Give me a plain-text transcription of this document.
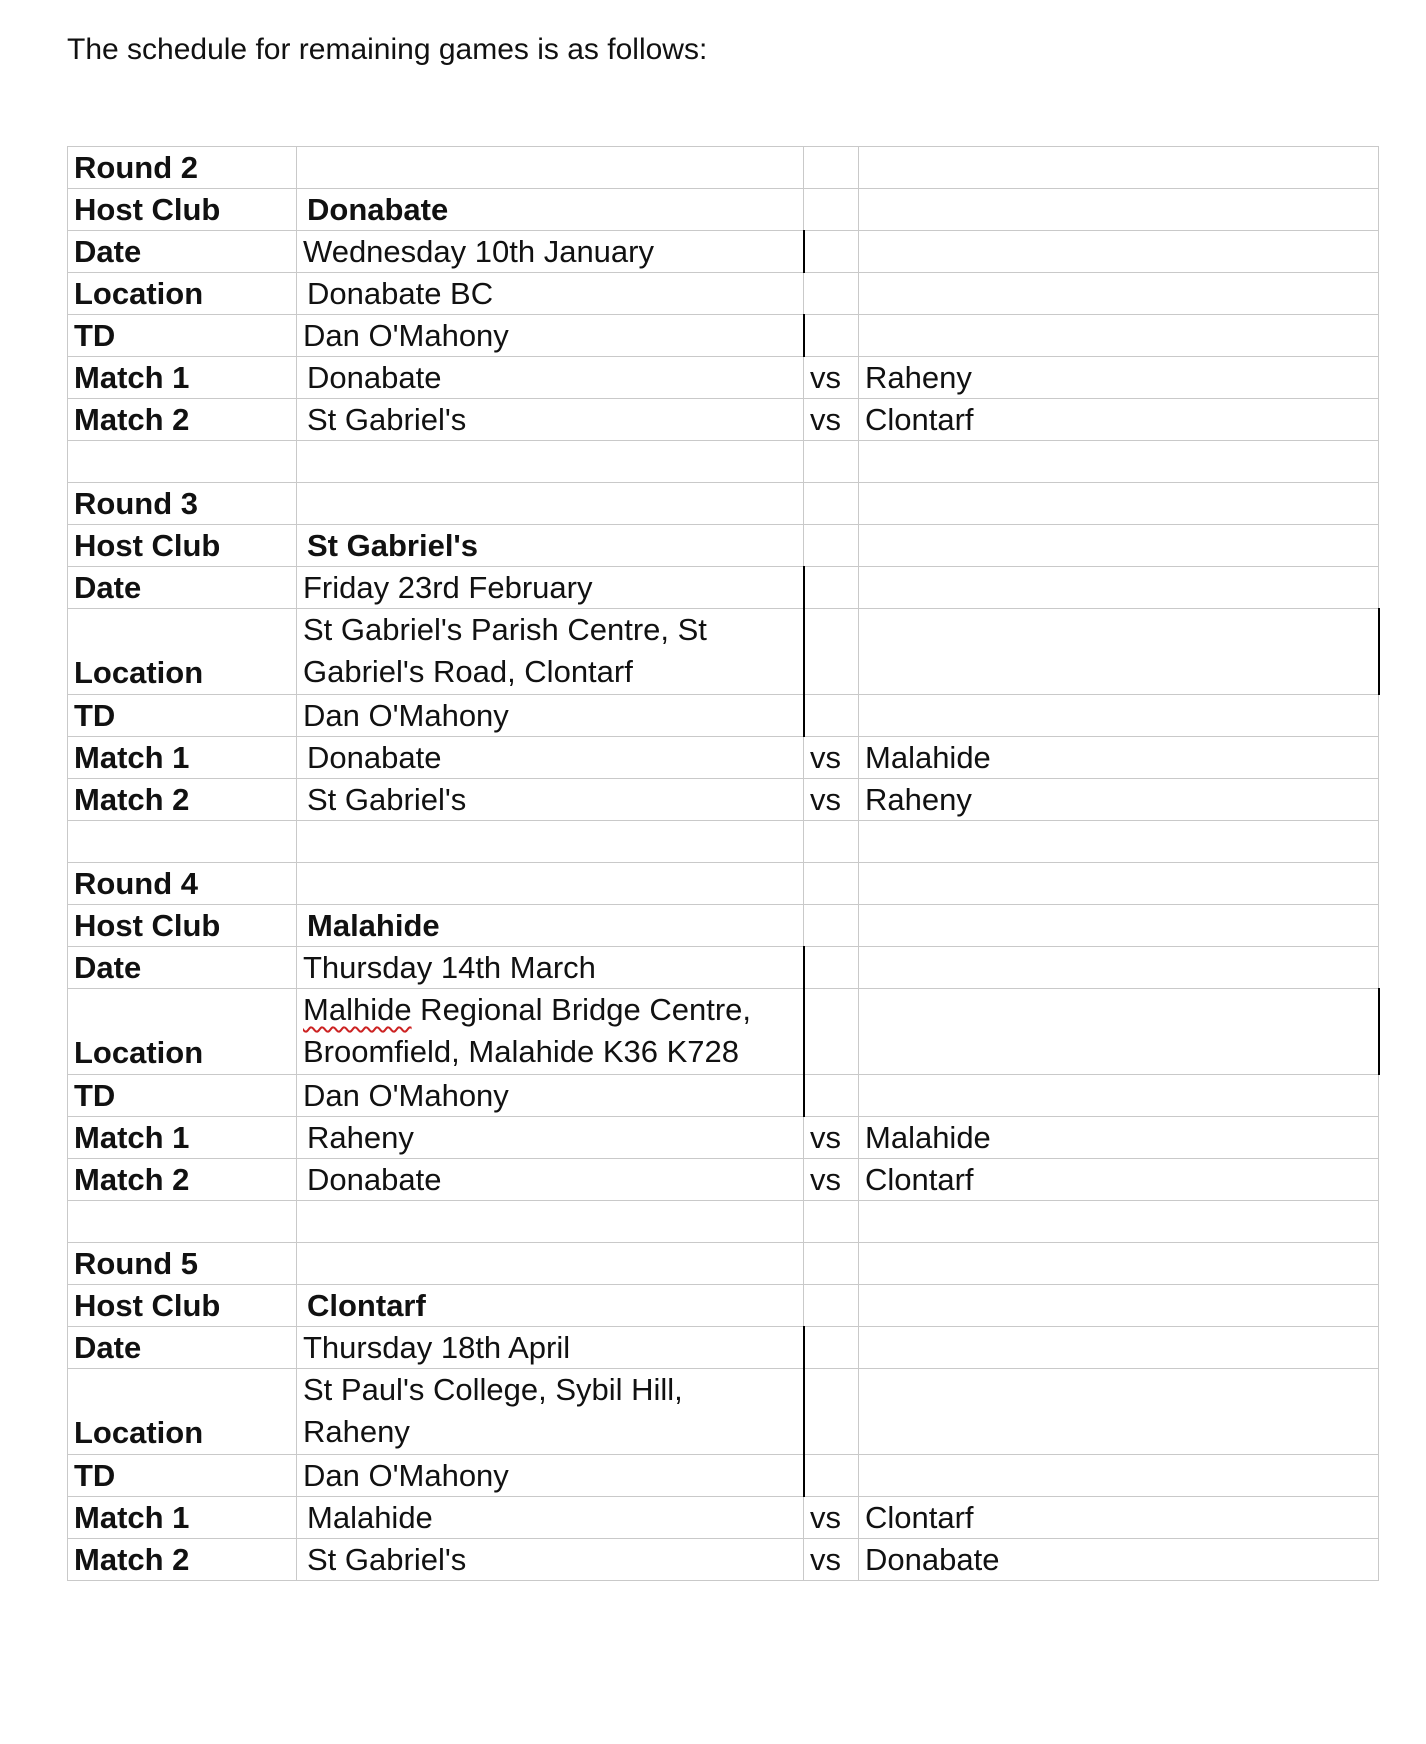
The schedule for remaining games is as follows:
Round 2			
Host Club	Donabate		
Date	Wednesday 10th January		
Location	Donabate BC		
TD	Dan O'Mahony		
Match 1	Donabate	vs	Raheny
Match 2	St Gabriel's	vs	Clontarf

Round 3			
Host Club	St Gabriel's		
Date	Friday 23rd February		
Location	St Gabriel's Parish Centre, St
Gabriel's Road, Clontarf		

TD	Dan O'Mahony		
Match 1	Donabate	vs	Malahide
Match 2	St Gabriel's	vs	Raheny

Round 4			
Host Club	Malahide		
Date	Thursday 14th March		
Location	Malhide Regional Bridge Centre,
Broomfield, Malahide K36 K728		

TD	Dan O'Mahony		
Match 1	Raheny	vs	Malahide
Match 2	Donabate	vs	Clontarf

Round 5			
Host Club	Clontarf		
Date	Thursday 18th April		
Location	St Paul's College, Sybil Hill,
Raheny		

TD	Dan O'Mahony		
Match 1	Malahide	vs	Clontarf
Match 2	St Gabriel's	vs	Donabate
